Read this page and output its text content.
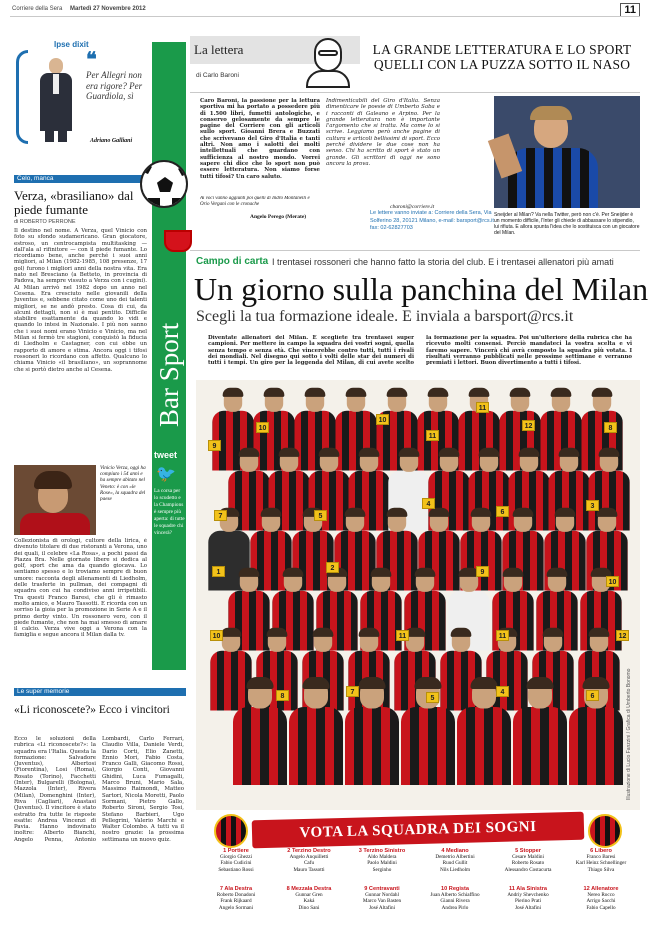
Corriere della Sera Martedì 27 Novembre 2012	11
Ipse dixit
❝
Per Allegri non era rigore? Per Guardiola, sì
Adriano Galliani
Celo, manca
Verza, «brasiliano» dal piede fumante
di ROBERTO PERRONE

Il destino nel nome. A Verza, quel Vinicio con foto su sfondo sudamericano. Gran giocatore, estroso, un centrocampista multitasking — dall'ala al rifinitore — con il piede fumante. Lo ricordiamo bene, anche perché i suoi anni migliori, al Milan (1982-1985, 108 presenze, 17 gol) furono i migliori anni della nostra vita. Era nato nel Bresciano (a Betteto, in provincia di Padova, ha sempre vissuto a Verza con i cugini). Al Milan arrivò nel 1982 dopo un anno nel Cesena. Era cresciuto nelle giovanili della Juventus e, sebbene citato come uno dei talenti migliori, se ne andò presto. Cosa di cui, da alcuni dettagli, non si è mai pentito. Difficile stabilire esattamente da quando lo vidi e quando lo intesi in Nazionale. I più non sanno che i suoi nomi erano Vinicio e Vinicio, ma nel Milan si fermò tre stagioni, conquistò la fiducia di Liedholm e Castagner, con cui ebbe un rapporto di amore e stima. Ancora oggi i tifosi rossoneri lo ricordano con affetto. Qualcuno lo chiama Vinicio «il brasiliano», un soprannome che si portò dietro anche al Cesena.

Vinicio Verza, oggi ha compiuto i 54 anni e ha sempre abitato nel Veneto: è con «le Rose», la squadra del paese

Collezionista di orologi, cultore della lirica, è divenuto titolare di due ristoranti a Verona, uno dei quali, il celebre «La Rosa», a pochi passi da Piazza Bra. Nelle giornate libere si dedica al golf, sport che ama da quando giocava. Lo sentiamo spesso e lo troviamo sempre di buon umore: racconta degli allenamenti di Liedholm, delle trasferte in pullman, dei compagni di squadra con cui ha condiviso anni irripetibili. Tra questi Franco Baresi, che gli è rimasto molto amico, e Mauro Tassotti. E ricorda con un sorriso la gioia per la promozione in Serie A e il primo derby vinto. Un rossonero vero, con il piede fumante, che non ha mai smesso di amare il calcio. Verza vive oggi a Verona con la famiglia e segue ancora il Milan dalla tv.

Le super memorie
«Li riconoscete?» Ecco i vincitori

Ecco le soluzioni della rubrica «Li riconoscete?»: la squadra era l'Italia. Questa la formazione: Salvadore (Juventus), Albertosi (Fiorentina), Losi (Roma), Rosato (Torino), Facchetti (Inter), Bulgarelli (Bologna), Mazzola (Inter), Rivera (Milan), Domenghini (Inter), Riva (Cagliari), Anastasi (Juventus). Il vincitore è stato estratto fra tutte le risposte esatte: Andrea Vincenzi di Pavia. Hanno indovinato inoltre: Alberto Bianchi, Angelo Penna, Antonio Lombardi, Carlo Ferrari, Claudio Villa, Daniele Verdi, Dario Corti, Elio Zanetti, Ennio Mori, Fabio Costa, Franco Galli, Giacomo Rossi, Giorgio Conti, Giovanni Ghidini, Luca Fumagalli, Marco Bruni, Mario Sala, Massimo Raimondi, Matteo Sartori, Nicola Moretti, Paolo Sormani, Pietro Gallo, Roberto Sironi, Sergio Tosi, Stefano Barbieri, Ugo Pellegrini, Valerio Marchi e Walter Colombo. A tutti va il nostro grazie: la prossima settimana un nuovo quiz.

Bar Sport
tweet
🐦
La corsa per lo scudetto e la Champions è sempre più aperta: di tutte le squadre chi vincerà?
La lettera
di Carlo Baroni
LA GRANDE LETTERATURA E LO SPORT QUELLI CON LA PUZZA SOTTO IL NASO

Caro Baroni, la passione per la lettura sportiva mi ha portato a possedere più di 1.500 libri, fumetti antologiche, e conservo gelosamente da sempre le pagine del Corriere con gli articoli sullo sport. Gioanni Brera e Buzzati che scrivevano del Giro d'Italia e tanti altri. Non amo i salotti dei molti intellettuali che guardano con sufficienza al nostro mondo. Vorrei sapere chi dice che lo sport non può essere letteratura. Non siamo forse tutti tifosi? Un caro saluto.

Angelo Perego (Merate)
Ai voci vanno aggiunti poi quelli di Indro Montanelli e Orio Vergani con le cronache

Indimenticabili del Giro d'Italia. Senza dimenticare le poesie di Umberto Saba e i racconti di Galeano e Arpino. Per la grande letteratura non è importante l'argomento che si tratta. Ma come lo si scrive. Leggiamo però anche pagine di cultura e articoli bellissimi di sport. Ecco perché dividere le due cose non ha senso. Chi ha scritto di sport è stato un grande. Gli scrittori di oggi ne sono ancora la prova.

cbaroni@corriere.it
Le lettere vanno inviate a: Corriere della Sera, Via Solferino 28, 20121 Milano, e-mail: barsport@rcs.it fax: 02-62827703
Sneijder al Milan? Va nella Twitter, però non c'è. Per Sneijder è un momento difficile, l'Inter gli chiede di abbassare lo stipendio, lui rifiuta. E allora spunta l'idea che lo sostituisca con un giocatore del Milan.
Campo di carta I trentasei rossoneri che hanno fatto la storia del club. E i trentasei allenatori più amati
Un giorno sulla panchina del Milan
Scegli la tua formazione ideale. E inviala a barsport@rcs.it

Diventate allenatori del Milan. E scegliete tra trentasei super campioni. Per mettere in campo la squadra dei vostri sogni, quella senza tempo e senza età. Che vincerebbe contro tutti, tutti i rivali dei mondiali. Nel disegno qui sotto i volti delle star dei numeri di tutti i tempi. Un giro per la leggenda del Milan, di cui avete scelto la formazione per la squadra. Poi un'ulteriore della rubrica che ha ricevuto molti consensi. Perciò mandateci la vostra scelta e vi faremo sapere. Vincerà chi avrà composto la squadra più votata. I risultati verranno pubblicati nelle prossime settimane e verranno premiati i lettori. Buon divertimento a tutti i tifosi.

9
10
10
11
11
12	8
7	5
4
6
3
1
2
9
10
10	11	11	12
8
7
5
4
6	Illustrazione di Lucio Fanzzini / Grafica di Umberto Bonomo
VOTA LA SQUADRA DEI SOGNI
1 Portiere
Giorgio Ghezzi
Fabio Cudicini
Sebastiano Rossi
2 Terzino Destro
Angelo Anquilletti
Cafu
Mauro Tassotti
3 Terzino Sinistro
Aldo Maldera
Paolo Maldini
Serginho
4 Mediano
Demetrio Albertini
Ruud Gullit
Nils Liedholm
5 Stopper
Cesare Maldini
Roberto Rosato
Alessandro Costacurta
6 Libero
Franco Baresi
Karl Heinz Schnellinger
Thiago Silva
7 Ala Destra
Roberto Donadoni
Frank Rijkaard
Angelo Sormani
8 Mezzala Destra
Gunnar Gren
Kaká
Dino Sani
9 Centravanti
Gunnar Nordahl
Marco Van Basten
José Altafini
10 Regista
Juan Alberto Schiaffino
Gianni Rivera
Andrea Pirlo
11 Ala Sinistra
Andriy Shevchenko
Pierino Prati
José Altafini
12 Allenatore
Nereo Rocco
Arrigo Sacchi
Fabio Capello
